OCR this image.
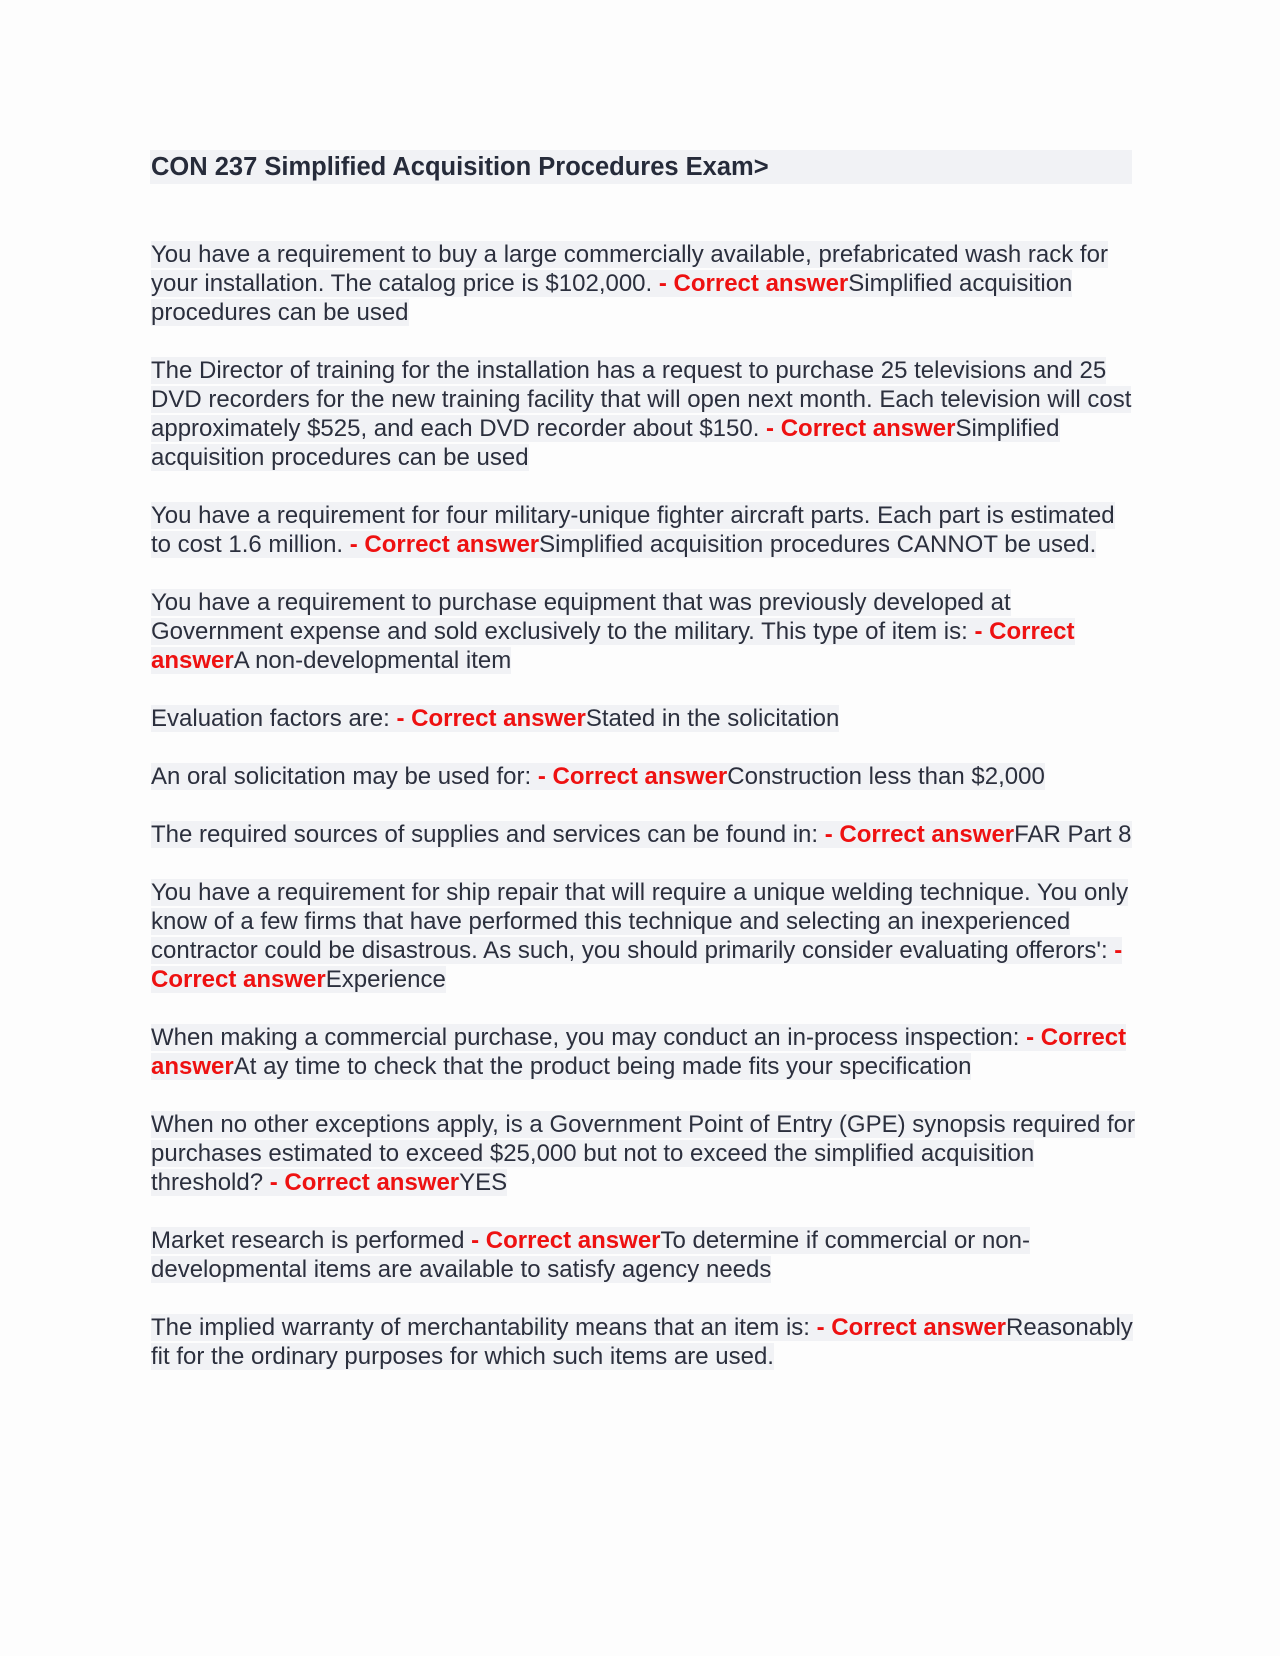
CON 237 Simplified Acquisition Procedures Exam>

You have a requirement to buy a large commercially available, prefabricated wash rack for your installation. The catalog price is $102,000. - Correct answerSimplified acquisition procedures can be used

The Director of training for the installation has a request to purchase 25 televisions and 25 DVD recorders for the new training facility that will open next month. Each television will cost approximately $525, and each DVD recorder about $150. - Correct answerSimplified acquisition procedures can be used

You have a requirement for four military-unique fighter aircraft parts. Each part is estimated to cost 1.6 million. - Correct answerSimplified acquisition procedures CANNOT be used.

You have a requirement to purchase equipment that was previously developed at Government expense and sold exclusively to the military. This type of item is: - Correct answerA non-developmental item

Evaluation factors are: - Correct answerStated in the solicitation

An oral solicitation may be used for: - Correct answerConstruction less than $2,000

The required sources of supplies and services can be found in: - Correct answerFAR Part 8

You have a requirement for ship repair that will require a unique welding technique. You only know of a few firms that have performed this technique and selecting an inexperienced contractor could be disastrous. As such, you should primarily consider evaluating offerors': - Correct answerExperience

When making a commercial purchase, you may conduct an in-process inspection: - Correct answerAt ay time to check that the product being made fits your specification

When no other exceptions apply, is a Government Point of Entry (GPE) synopsis required for purchases estimated to exceed $25,000 but not to exceed the simplified acquisition threshold? - Correct answerYES

Market research is performed - Correct answerTo determine if commercial or non-developmental items are available to satisfy agency needs

The implied warranty of merchantability means that an item is: - Correct answerReasonably fit for the ordinary purposes for which such items are used.
